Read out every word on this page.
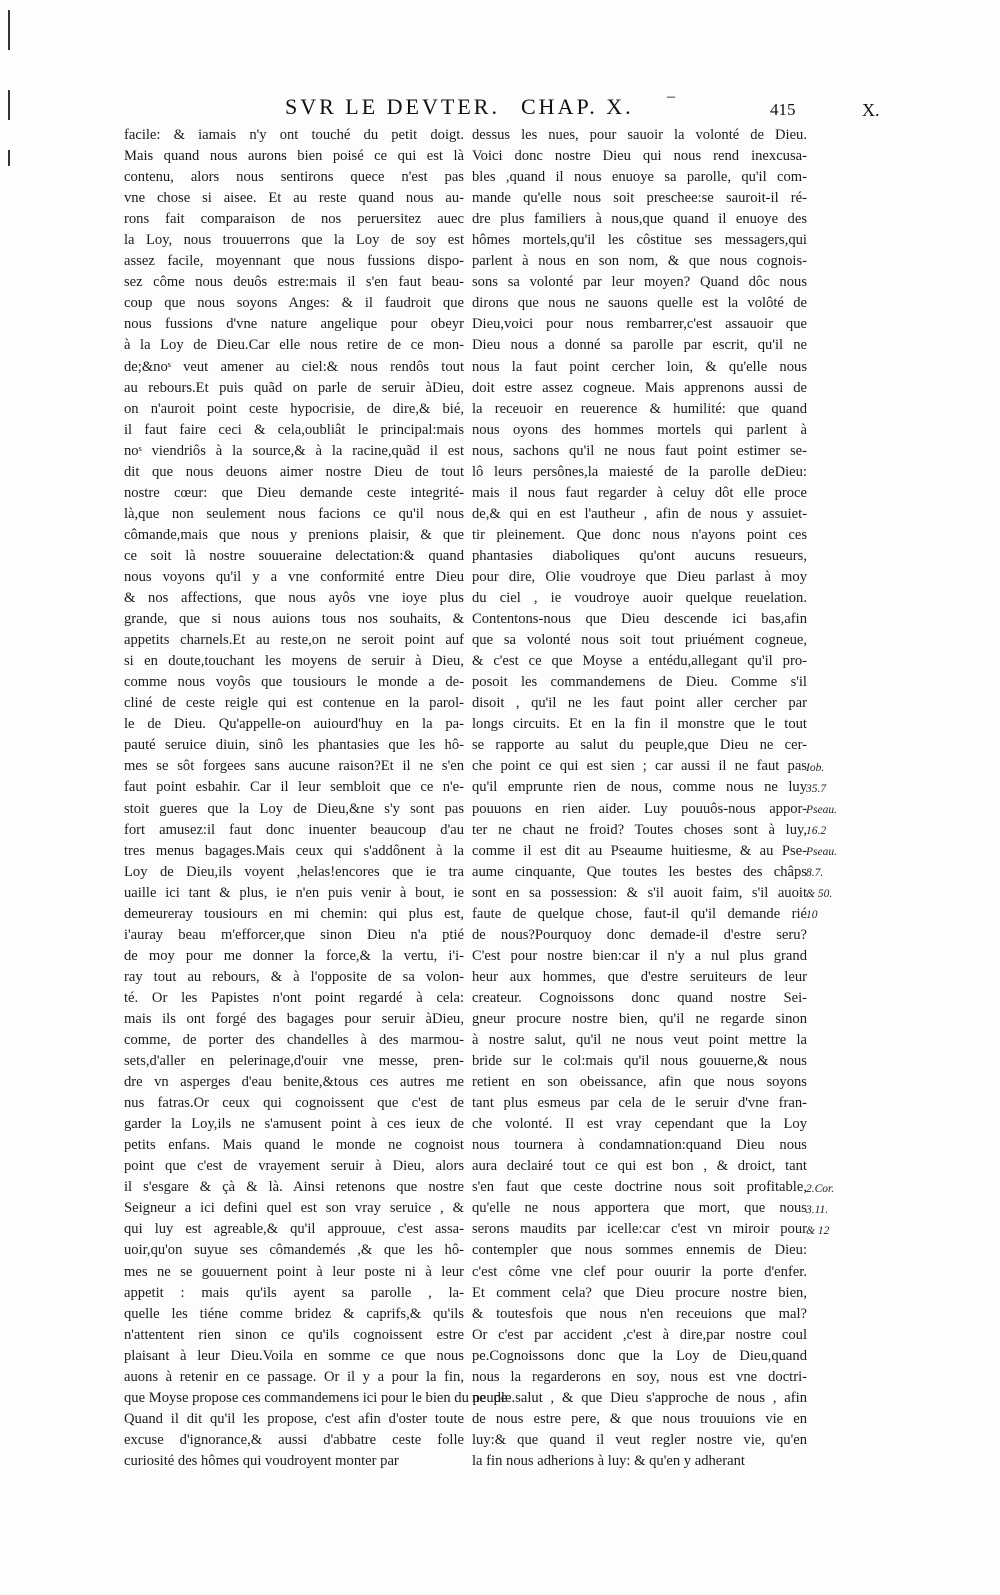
SVR LE DEVTER. CHAP. X. –
415	X.
facile: & iamais n'y ont touché du petit doigt.
Mais quand nous aurons bien poisé ce qui est là
contenu, alors nous sentirons quece n'est pas
vne chose si aisee. Et au reste quand nous au-
rons fait comparaison de nos peruersitez auec
la Loy, nous trouuerrons que la Loy de soy est
assez facile, moyennant que nous fussions dispo-
sez côme nous deuôs estre:mais il s'en faut beau-
coup que nous soyons Anges: & il faudroit que
nous fussions d'vne nature angelique pour obeyr
à la Loy de Dieu.Car elle nous retire de ce mon-
de;&noˢ veut amener au ciel:& nous rendôs tout
au rebours.Et puis quãd on parle de seruir àDieu,
on n'auroit point ceste hypocrisie, de dire,& bié,
il faut faire ceci & cela,oubliât le principal:mais
noˢ viendriôs à la source,& à la racine,quãd il est
dit que nous deuons aimer nostre Dieu de tout
nostre cœur: que Dieu demande ceste integrité-
là,que non seulement nous facions ce qu'il nous
cômande,mais que nous y prenions plaisir, & que
ce soit là nostre souueraine delectation:& quand
nous voyons qu'il y a vne conformité entre Dieu
& nos affections, que nous ayôs vne ioye plus
grande, que si nous auions tous nos souhaits, &
appetits charnels.Et au reste,on ne seroit point auf
si en doute,touchant les moyens de seruir à Dieu,
comme nous voyôs que tousiours le monde a de-
cliné de ceste reigle qui est contenue en la parol-
le de Dieu. Qu'appelle-on auiourd'huy en la pa-
pauté seruice diuin, sinô les phantasies que les hô-
mes se sôt forgees sans aucune raison?Et il ne s'en
faut point esbahir. Car il leur sembloit que ce n'e-
stoit gueres que la Loy de Dieu,&ne s'y sont pas
fort amusez:il faut donc inuenter beaucoup d'au
tres menus bagages.Mais ceux qui s'addônent à la
Loy de Dieu,ils voyent ,helas!encores que ie tra
uaille ici tant & plus, ie n'en puis venir à bout, ie
demeureray tousiours en mi chemin: qui plus est,
i'auray beau m'efforcer,que sinon Dieu n'a ptié
de moy pour me donner la force,& la vertu, i'i-
ray tout au rebours, & à l'opposite de sa volon-
té. Or les Papistes n'ont point regardé à cela:
mais ils ont forgé des bagages pour seruir àDieu,
comme, de porter des chandelles à des marmou-
sets,d'aller en pelerinage,d'ouir vne messe, pren-
dre vn asperges d'eau benite,&tous ces autres me
nus fatras.Or ceux qui cognoissent que c'est de
garder la Loy,ils ne s'amusent point à ces ieux de
petits enfans. Mais quand le monde ne cognoist
point que c'est de vrayement seruir à Dieu, alors
il s'esgare & çà & là. Ainsi retenons que nostre
Seigneur a ici defini quel est son vray seruice , &
qui luy est agreable,& qu'il approuue, c'est assa-
uoir,qu'on suyue ses cômandemés ,& que les hô-
mes ne se gouuernent point à leur poste ni à leur
appetit : mais qu'ils ayent sa parolle , la-
quelle les tiéne comme bridez & caprifs,& qu'ils
n'attentent rien sinon ce qu'ils cognoissent estre
plaisant à leur Dieu.Voila en somme ce que nous
auons à retenir en ce passage. Or il y a pour la fin,
que Moyse propose ces commandemens ici pour le bien du peuple.
Quand il dit qu'il les propose, c'est afin d'oster toute
excuse d'ignorance,& aussi d'abbatre ceste folle
curiosité des hômes qui voudroyent monter par
dessus les nues, pour sauoir la volonté de Dieu.
Voici donc nostre Dieu qui nous rend inexcusa-
bles ,quand il nous enuoye sa parolle, qu'il com-
mande qu'elle nous soit preschee:se sauroit-il ré-
dre plus familiers à nous,que quand il enuoye des
hômes mortels,qu'il les côstitue ses messagers,qui
parlent à nous en son nom, & que nous cognois-
sons sa volonté par leur moyen? Quand dôc nous
dirons que nous ne sauons quelle est la volôté de
Dieu,voici pour nous rembarrer,c'est assauoir que
Dieu nous a donné sa parolle par escrit, qu'il ne
nous la faut point cercher loin, & qu'elle nous
doit estre assez cogneue. Mais apprenons aussi de
la receuoir en reuerence & humilité: que quand
nous oyons des hommes mortels qui parlent à
nous, sachons qu'il ne nous faut point estimer se-
lô leurs persônes,la maiesté de la parolle deDieu:
mais il nous faut regarder à celuy dôt elle proce
de,& qui en est l'autheur , afin de nous y assuiet-
tir pleinement. Que donc nous n'ayons point ces
phantasies diaboliques qu'ont aucuns resueurs,
pour dire, Olie voudroye que Dieu parlast à moy
du ciel , ie voudroye auoir quelque reuelation.
Contentons-nous que Dieu descende ici bas,afin
que sa volonté nous soit tout priuément cogneue,
& c'est ce que Moyse a entédu,allegant qu'il pro-
posoit les commandemens de Dieu. Comme s'il
disoit , qu'il ne les faut point aller cercher par
longs circuits. Et en la fin il monstre que le tout
se rapporte au salut du peuple,que Dieu ne cer-
che point ce qui est sien ; car aussi il ne faut pas
qu'il emprunte rien de nous, comme nous ne luy
pouuons en rien aider. Luy pouuôs-nous appor-
ter ne chaut ne froid? Toutes choses sont à luy,
comme il est dit au Pseaume huitiesme, & au Pse-
aume cinquante, Que toutes les bestes des châps
sont en sa possession: & s'il auoit faim, s'il auoit
faute de quelque chose, faut-il qu'il demande rié
de nous?Pourquoy donc demade-il d'estre seru?
C'est pour nostre bien:car il n'y a nul plus grand
heur aux hommes, que d'estre seruiteurs de leur
createur. Cognoissons donc quand nostre Sei-
gneur procure nostre bien, qu'il ne regarde sinon
à nostre salut, qu'il ne nous veut point mettre la
bride sur le col:mais qu'il nous gouuerne,& nous
retient en son obeissance, afin que nous soyons
tant plus esmeus par cela de le seruir d'vne fran-
che volonté. Il est vray cependant que la Loy
nous tournera à condamnation:quand Dieu nous
aura declairé tout ce qui est bon , & droict, tant
s'en faut que ceste doctrine nous soit profitable,
qu'elle ne nous apportera que mort, que nous
serons maudits par icelle:car c'est vn miroir pour
contempler que nous sommes ennemis de Dieu:
c'est côme vne clef pour ouurir la porte d'enfer.
Et comment cela? que Dieu procure nostre bien,
& toutesfois que nous n'en receuions que mal?
Or c'est par accident ,c'est à dire,par nostre coul
pe.Cognoissons donc que la Loy de Dieu,quand
nous la regarderons en soy, nous est vne doctri-
ne de salut , & que Dieu s'approche de nous , afin
de nous estre pere, & que nous trouuions vie en
luy:& que quand il veut regler nostre vie, qu'en
la fin nous adherions à luy: & qu'en y adherant
Iob.
35.7
Pseau.
16.2
Pseau.
8.7.
& 50.
10
2.Cor.
3.11.
& 12
